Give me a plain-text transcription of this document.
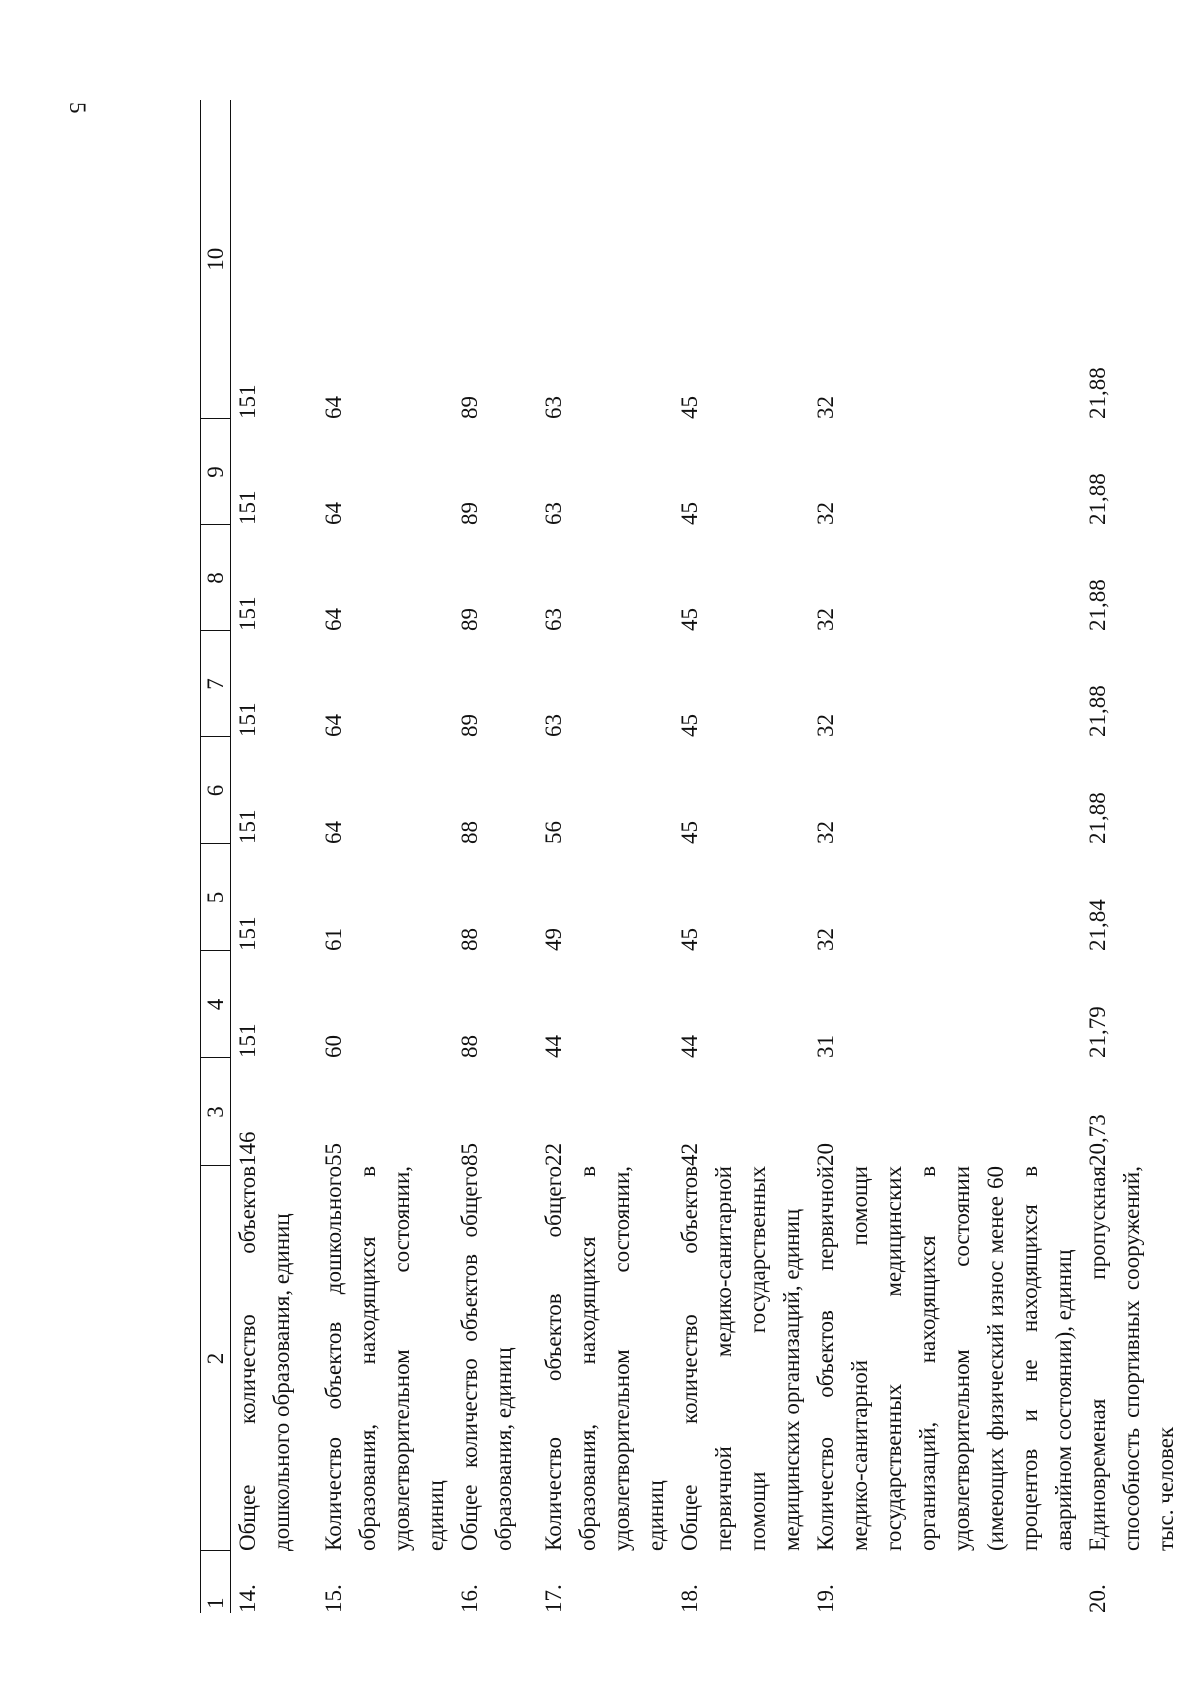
5
1	2	3	4	5	6	7	8	9	10
14.	Общее количество объектов дошкольного образования, единиц	146	151	151	151	151	151	151	151
15.	Количество объектов дошкольного образования, находящихся в удовлетворительном состоянии, единиц	55	60	61	64	64	64	64	64
16.	Общее количество объектов общего образования, единиц	85	88	88	88	89	89	89	89
17.	Количество объектов общего образования, находящихся в удовлетворительном состоянии, единиц	22	44	49	56	63	63	63	63
18.	Общее количество объектов первичной медико-санитарной помощи государственных медицинских организаций, единиц	42	44	45	45	45	45	45	45
19.	Количество объектов первичной медико-санитарной помощи государственных медицинских организаций, находящихся в удовлетворительном состоянии (имеющих физический износ менее 60 процентов и не находящихся в аварийном состоянии), единиц	20	31	32	32	32	32	32	32
20.	Единовременая пропускная способность спортивных сооружений, тыс. человек	20,73	21,79	21,84	21,88	21,88	21,88	21,88	21,88
